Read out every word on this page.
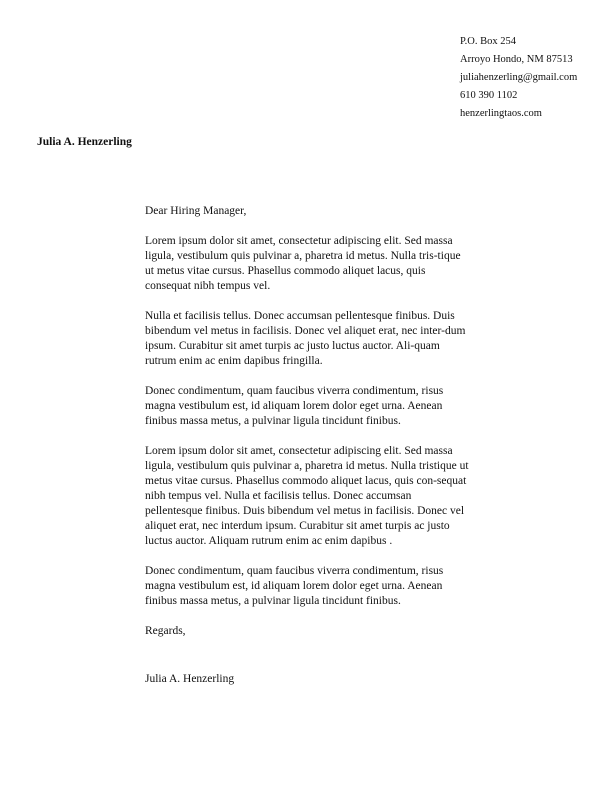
P.O. Box 254
Arroyo Hondo, NM 87513
juliahenzerling@gmail.com
610 390 1102
henzerlingtaos.com
Julia A. Henzerling

Dear Hiring Manager,

Lorem ipsum dolor sit amet, consectetur adipiscing elit. Sed massa ligula, vestibulum quis pulvinar a, pharetra id metus. Nulla tris-tique ut metus vitae cursus. Phasellus commodo aliquet lacus, quis consequat nibh tempus vel.

Nulla et facilisis tellus. Donec accumsan pellentesque finibus. Duis bibendum vel metus in facilisis. Donec vel aliquet erat, nec inter-dum ipsum. Curabitur sit amet turpis ac justo luctus auctor. Ali-quam rutrum enim ac enim dapibus fringilla.

Donec condimentum, quam faucibus viverra condimentum, risus magna vestibulum est, id aliquam lorem dolor eget urna. Aenean finibus massa metus, a pulvinar ligula tincidunt finibus.

Lorem ipsum dolor sit amet, consectetur adipiscing elit. Sed massa ligula, vestibulum quis pulvinar a, pharetra id metus. Nulla tristique ut metus vitae cursus. Phasellus commodo aliquet lacus, quis con-sequat nibh tempus vel. Nulla et facilisis tellus. Donec accumsan pellentesque finibus. Duis bibendum vel metus in facilisis. Donec vel aliquet erat, nec interdum ipsum. Curabitur sit amet turpis ac justo luctus auctor. Aliquam rutrum enim ac enim dapibus .

Donec condimentum, quam faucibus viverra condimentum, risus magna vestibulum est, id aliquam lorem dolor eget urna. Aenean finibus massa metus, a pulvinar ligula tincidunt finibus.

Regards,

Julia A. Henzerling
